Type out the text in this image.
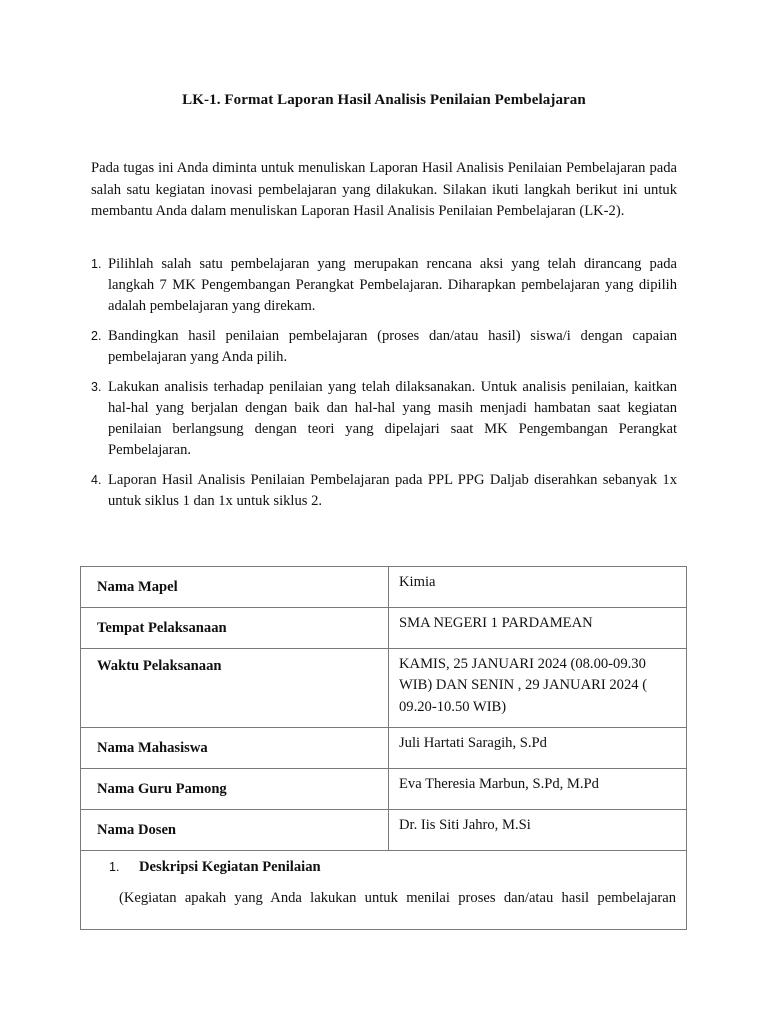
LK-1. Format Laporan Hasil Analisis Penilaian Pembelajaran

Pada tugas ini Anda diminta untuk menuliskan Laporan Hasil Analisis Penilaian Pembelajaran pada salah satu kegiatan inovasi pembelajaran yang dilakukan. Silakan ikuti langkah berikut ini untuk membantu Anda dalam menuliskan Laporan Hasil Analisis Penilaian Pembelajaran (LK-2).

1. Pilihlah salah satu pembelajaran yang merupakan rencana aksi yang telah dirancang pada langkah 7 MK Pengembangan Perangkat Pembelajaran. Diharapkan pembelajaran yang dipilih adalah pembelajaran yang direkam.
2. Bandingkan hasil penilaian pembelajaran (proses dan/atau hasil) siswa/i dengan capaian pembelajaran yang Anda pilih.
3. Lakukan analisis terhadap penilaian yang telah dilaksanakan. Untuk analisis penilaian, kaitkan hal-hal yang berjalan dengan baik dan hal-hal yang masih menjadi hambatan saat kegiatan penilaian berlangsung dengan teori yang dipelajari saat MK Pengembangan Perangkat Pembelajaran.
4. Laporan Hasil Analisis Penilaian Pembelajaran pada PPL PPG Daljab diserahkan sebanyak 1x untuk siklus 1 dan 1x untuk siklus 2.
Nama Mapel	Kimia
Tempat Pelaksanaan	SMA NEGERI 1 PARDAMEAN
Waktu Pelaksanaan	KAMIS, 25 JANUARI 2024 (08.00-09.30 WIB) DAN SENIN , 29 JANUARI 2024 ( 09.20-10.50 WIB)
Nama Mahasiswa	Juli Hartati Saragih, S.Pd
Nama Guru Pamong	Eva Theresia Marbun, S.Pd, M.Pd
Nama Dosen	Dr. Iis Siti Jahro, M.Si

1. Deskripsi Kegiatan Penilaian
(Kegiatan apakah yang Anda lakukan untuk menilai proses dan/atau hasil pembelajaran	
